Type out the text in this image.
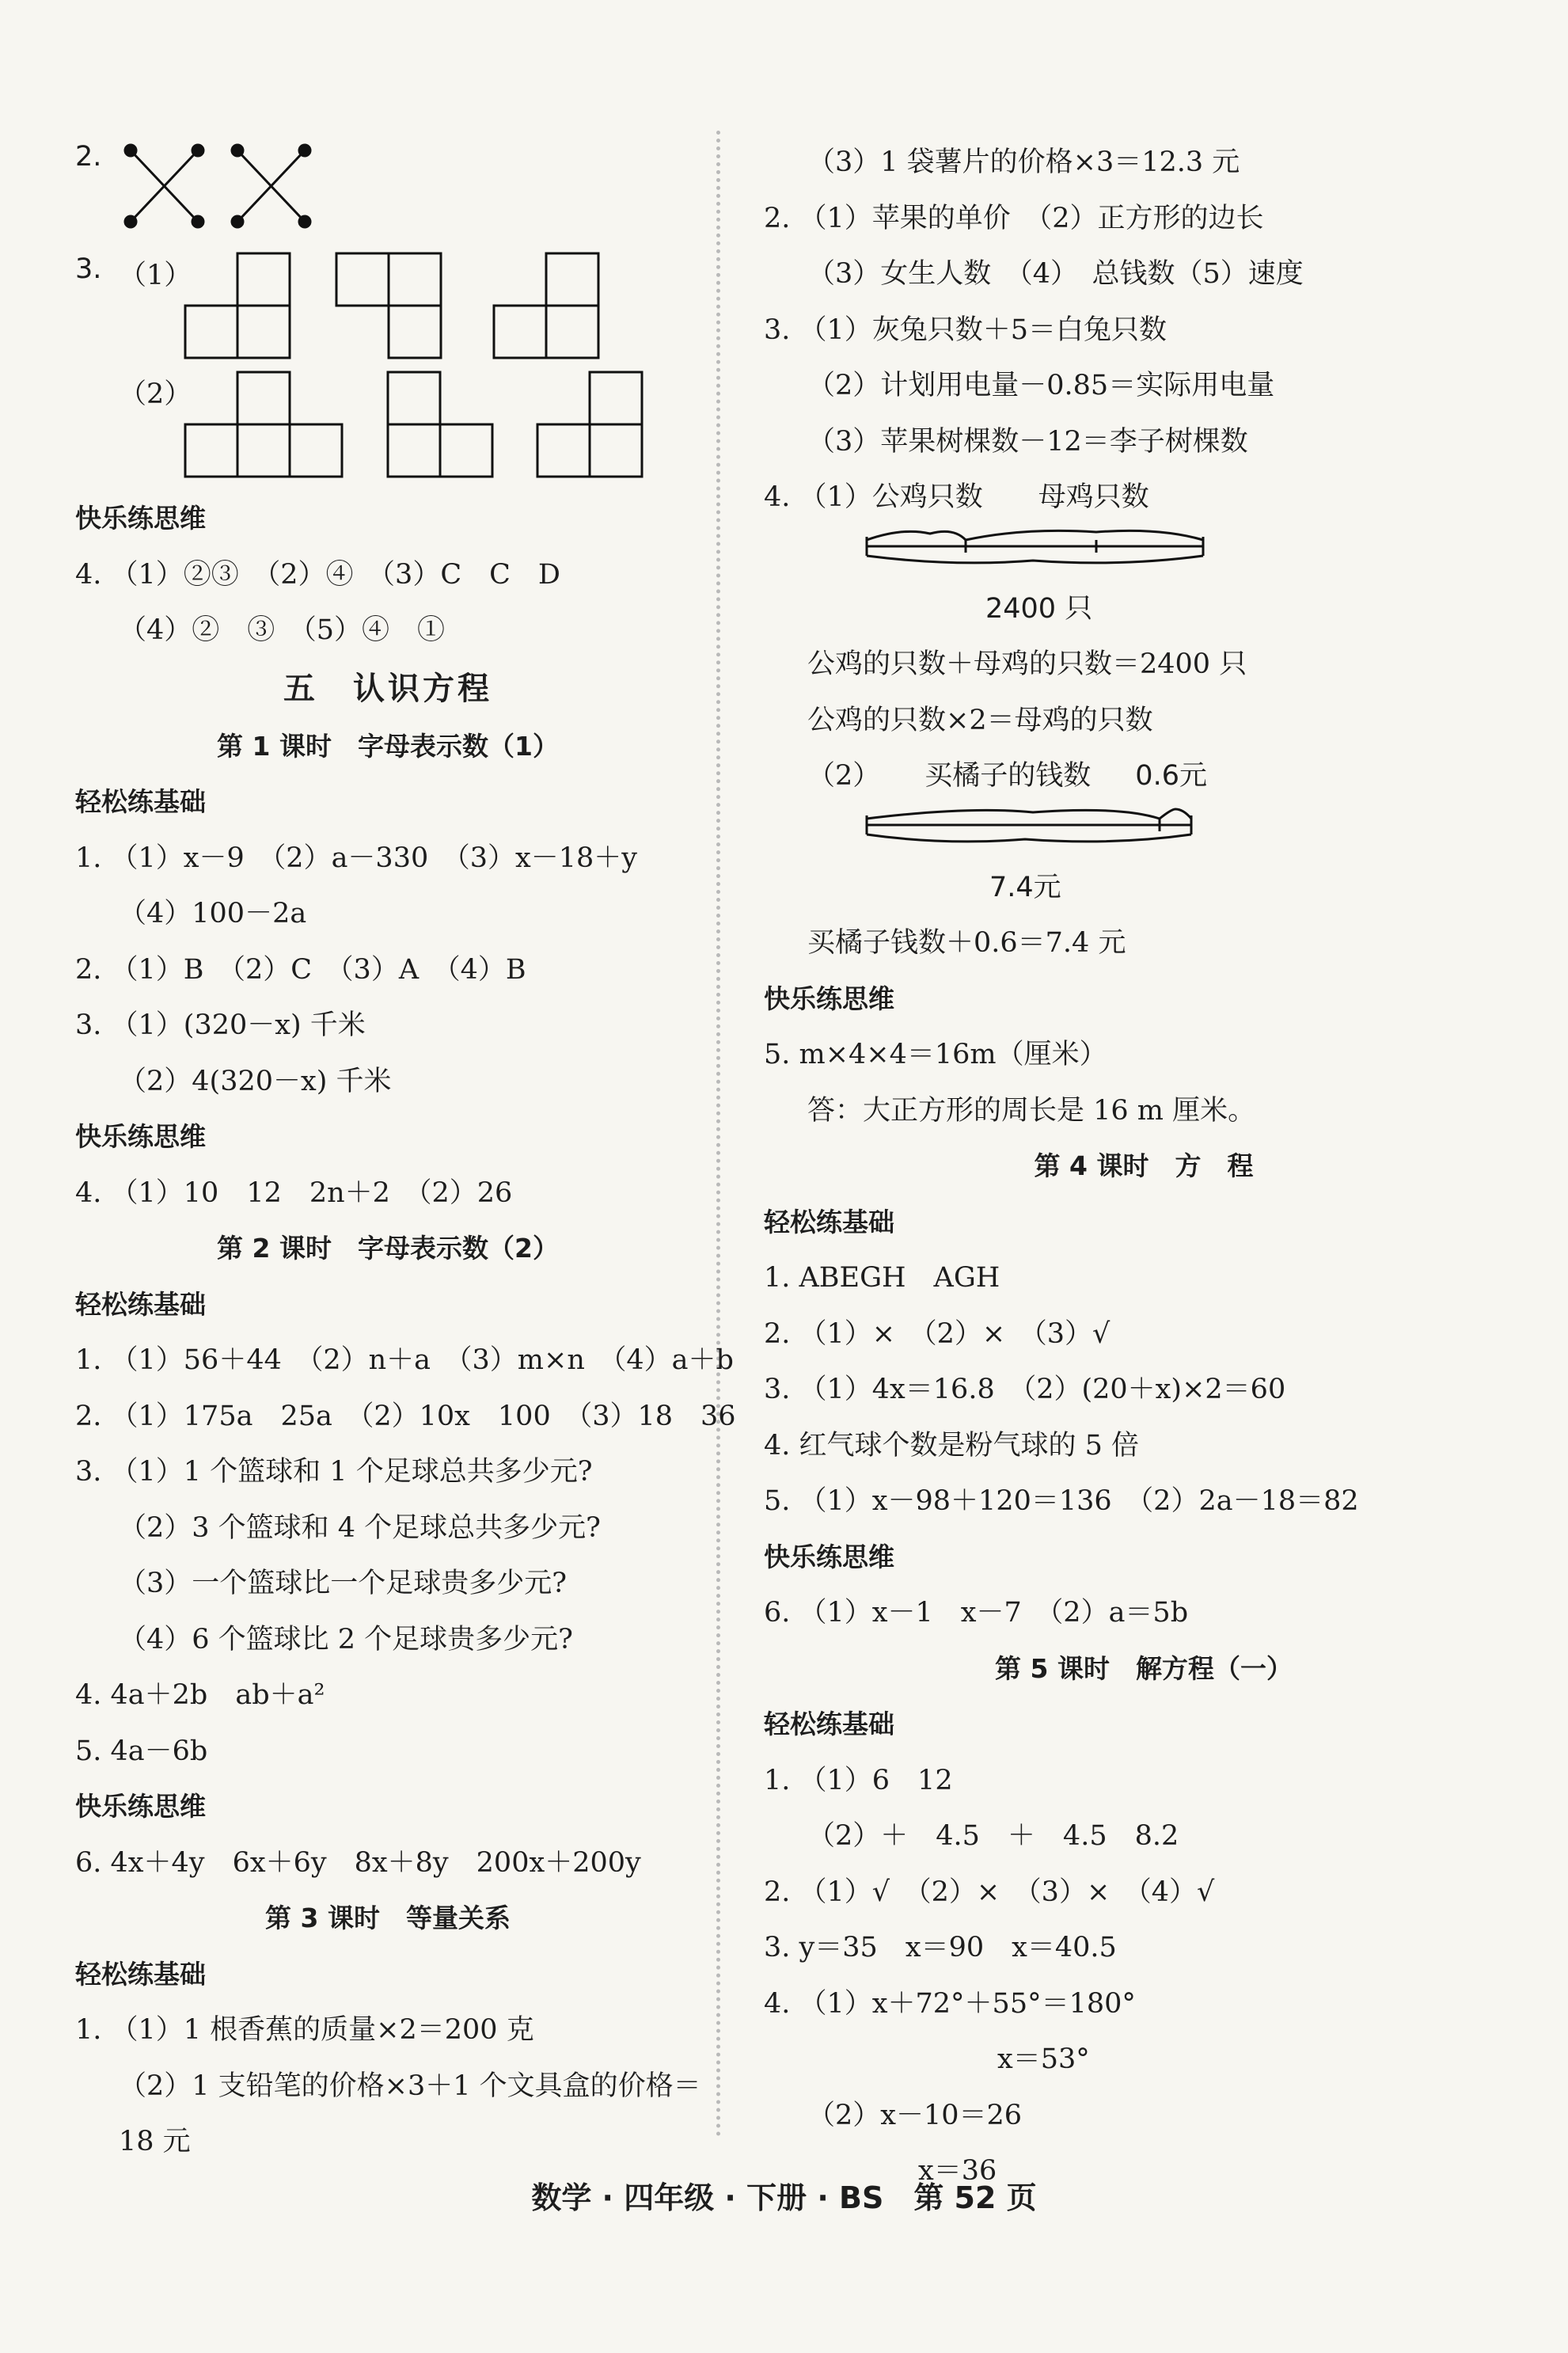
2.
3. （1）
（2）
快乐练思维
4. （1）②③　（2）④　（3）C　C　D
（4）②　③　（5）④　①
五　认识方程
第 1 课时　字母表示数（1）
轻松练基础
1. （1）x－9　（2）a－330　（3）x－18＋y
（4）100－2a
2. （1）B　（2）C　（3）A　（4）B
3. （1）(320－x) 千米
（2）4(320－x) 千米
快乐练思维
4. （1）10　12　2n＋2　（2）26
第 2 课时　字母表示数（2）
轻松练基础
1. （1）56＋44　（2）n＋a　（3）m×n　（4）a＋b
2. （1）175a　25a　（2）10x　100　（3）18　36
3. （1）1 个篮球和 1 个足球总共多少元?
（2）3 个篮球和 4 个足球总共多少元?
（3）一个篮球比一个足球贵多少元?
（4）6 个篮球比 2 个足球贵多少元?
4. 4a＋2b　ab＋a²
5. 4a－6b
快乐练思维
6. 4x＋4y　6x＋6y　8x＋8y　200x＋200y
第 3 课时　等量关系
轻松练基础
1. （1）1 根香蕉的质量×2＝200 克
（2）1 支铅笔的价格×3＋1 个文具盒的价格＝
18 元
（3）1 袋薯片的价格×3＝12.3 元
2. （1）苹果的单价　（2）正方形的边长
（3）女生人数　（4）　总钱数（5）速度
3. （1）灰兔只数＋5＝白兔只数
（2）计划用电量－0.85＝实际用电量
（3）苹果树棵数－12＝李子树棵数
4. （1）公鸡只数　　母鸡只数
2400 只
公鸡的只数＋母鸡的只数＝2400 只
公鸡的只数×2＝母鸡的只数
（2） 买橘子的钱数 0.6元
7.4元
买橘子钱数＋0.6＝7.4 元
快乐练思维
5. m×4×4＝16m（厘米）
答：大正方形的周长是 16 m 厘米。
第 4 课时　方　程
轻松练基础
1. ABEGH　AGH
2. （1）×　（2）×　（3）√
3. （1）4x＝16.8　（2）(20＋x)×2＝60
4. 红气球个数是粉气球的 5 倍
5. （1）x－98＋120＝136　（2）2a－18＝82
快乐练思维
6. （1）x－1　x－7　（2）a＝5b
第 5 课时　解方程（一）
轻松练基础
1. （1）6　12
（2）＋　4.5　＋　4.5　8.2
2. （1）√　（2）×　（3）×　（4）√
3. y＝35　x＝90　x＝40.5
4. （1）x＋72°＋55°＝180°
x＝53°
（2）x－10＝26
x＝36
数学 · 四年级 · 下册 · BS　第 52 页
